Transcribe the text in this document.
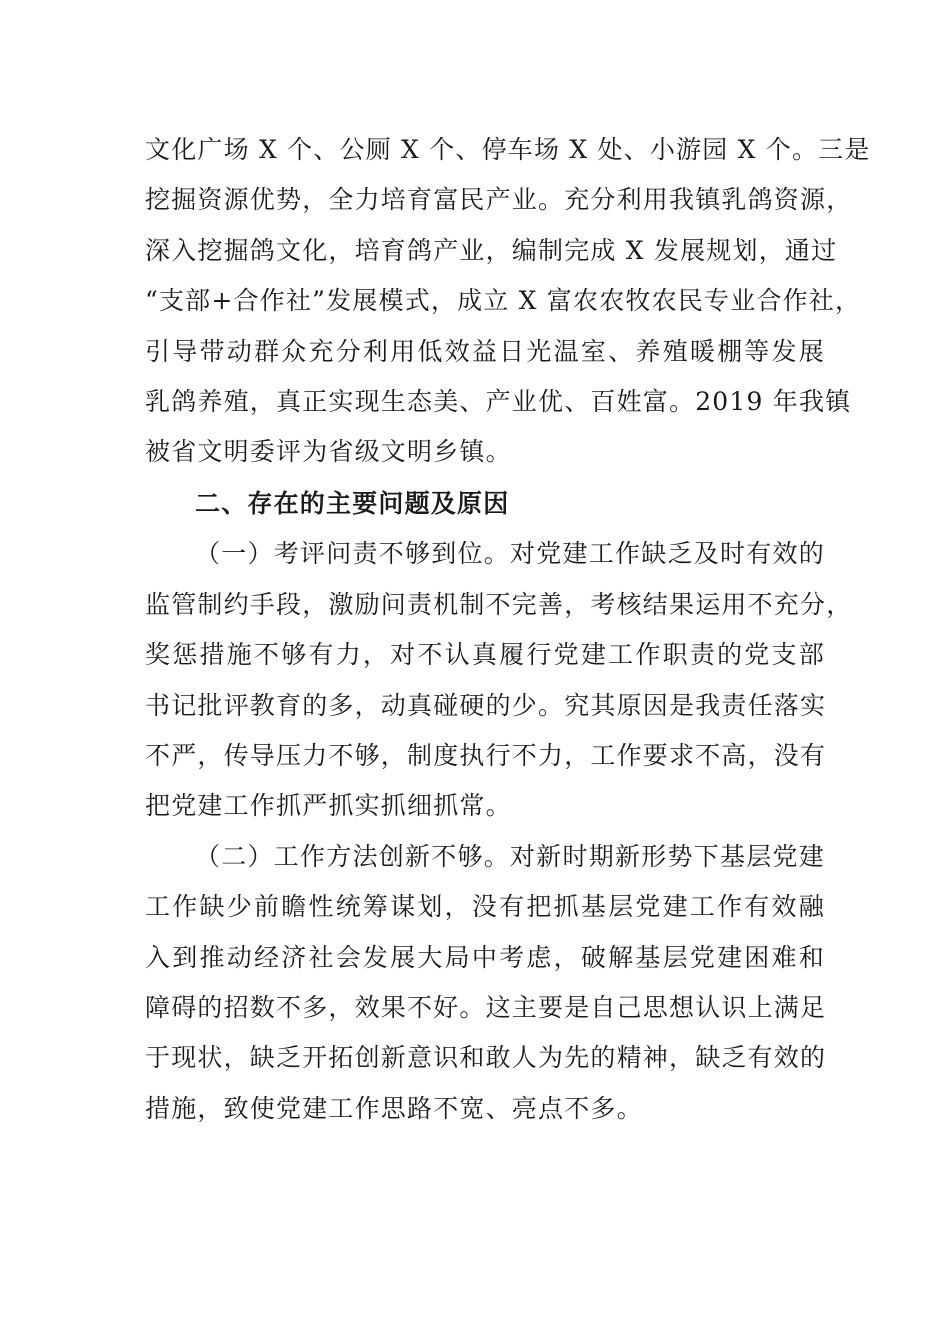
文化广场 X 个、公厕 X 个、停车场 X 处、小游园 X 个。三是
挖掘资源优势，全力培育富民产业。充分利用我镇乳鸽资源，
深入挖掘鸽文化，培育鸽产业，编制完成 X 发展规划，通过
“支部+合作社”发展模式，成立 X 富农农牧农民专业合作社，
引导带动群众充分利用低效益日光温室、养殖暖棚等发展
乳鸽养殖，真正实现生态美、产业优、百姓富。2019 年我镇
被省文明委评为省级文明乡镇。
二、存在的主要问题及原因
（一）考评问责不够到位。对党建工作缺乏及时有效的
监管制约手段，激励问责机制不完善，考核结果运用不充分，
奖惩措施不够有力，对不认真履行党建工作职责的党支部
书记批评教育的多，动真碰硬的少。究其原因是我责任落实
不严，传导压力不够，制度执行不力，工作要求不高，没有
把党建工作抓严抓实抓细抓常。
（二）工作方法创新不够。对新时期新形势下基层党建
工作缺少前瞻性统筹谋划，没有把抓基层党建工作有效融
入到推动经济社会发展大局中考虑，破解基层党建困难和
障碍的招数不多，效果不好。这主要是自己思想认识上满足
于现状，缺乏开拓创新意识和敢人为先的精神，缺乏有效的
措施，致使党建工作思路不宽、亮点不多。
